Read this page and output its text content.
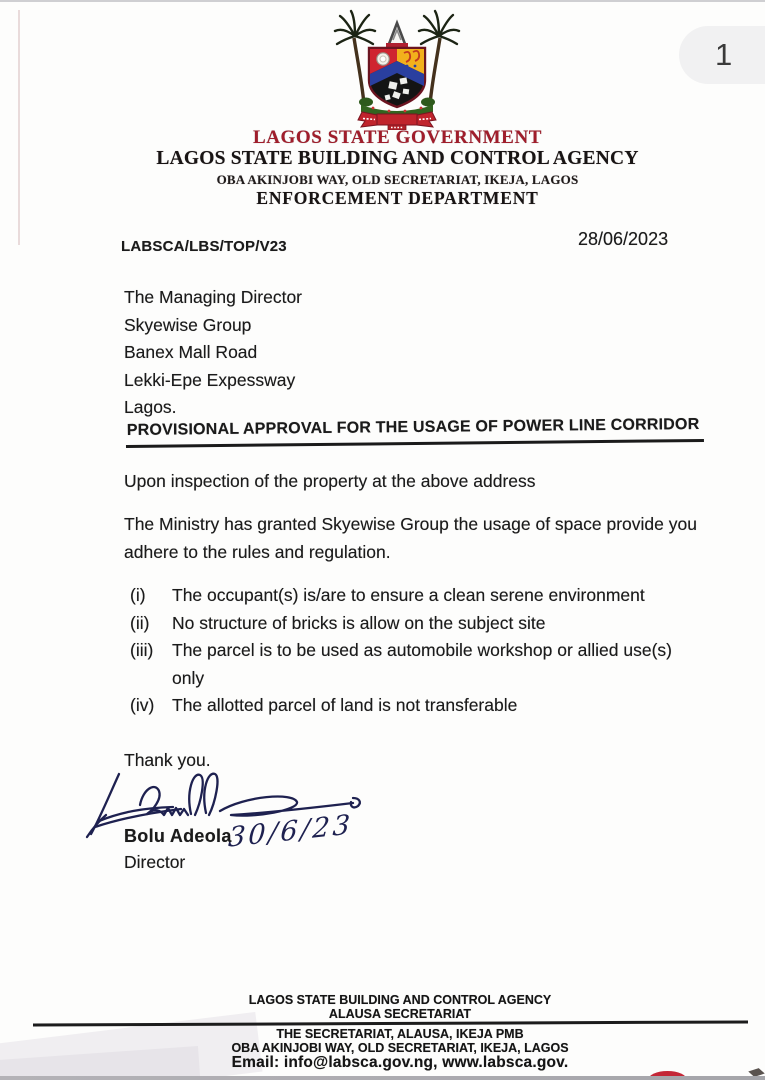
1
LAGOS STATE GOVERNMENT
LAGOS STATE BUILDING AND CONTROL AGENCY
OBA AKINJOBI WAY, OLD SECRETARIAT, IKEJA, LAGOS
ENFORCEMENT DEPARTMENT
LABSCA/LBS/TOP/V23	28/06/2023
The Managing Director
Skyewise Group
Banex Mall Road
Lekki-Epe Expessway
Lagos.
PROVISIONAL APPROVAL FOR THE USAGE OF POWER LINE CORRIDOR
Upon inspection of the property at the above address
The Ministry has granted Skyewise Group the usage of space provide you adhere to the rules and regulation.
(i)	The occupant(s) is/are to ensure a clean serene environment
(ii)	No structure of bricks is allow on the subject site
(iii)	The parcel is to be used as automobile workshop or allied use(s) only
(iv)	The allotted parcel of land is not transferable
Thank you.
30/6/23
Bolu Adeola
Director
LAGOS STATE BUILDING AND CONTROL AGENCY
ALAUSA SECRETARIAT
THE SECRETARIAT, ALAUSA, IKEJA PMB
OBA AKINJOBI WAY, OLD SECRETARIAT, IKEJA, LAGOS
Email: info@labsca.gov.ng, www.labsca.gov.
